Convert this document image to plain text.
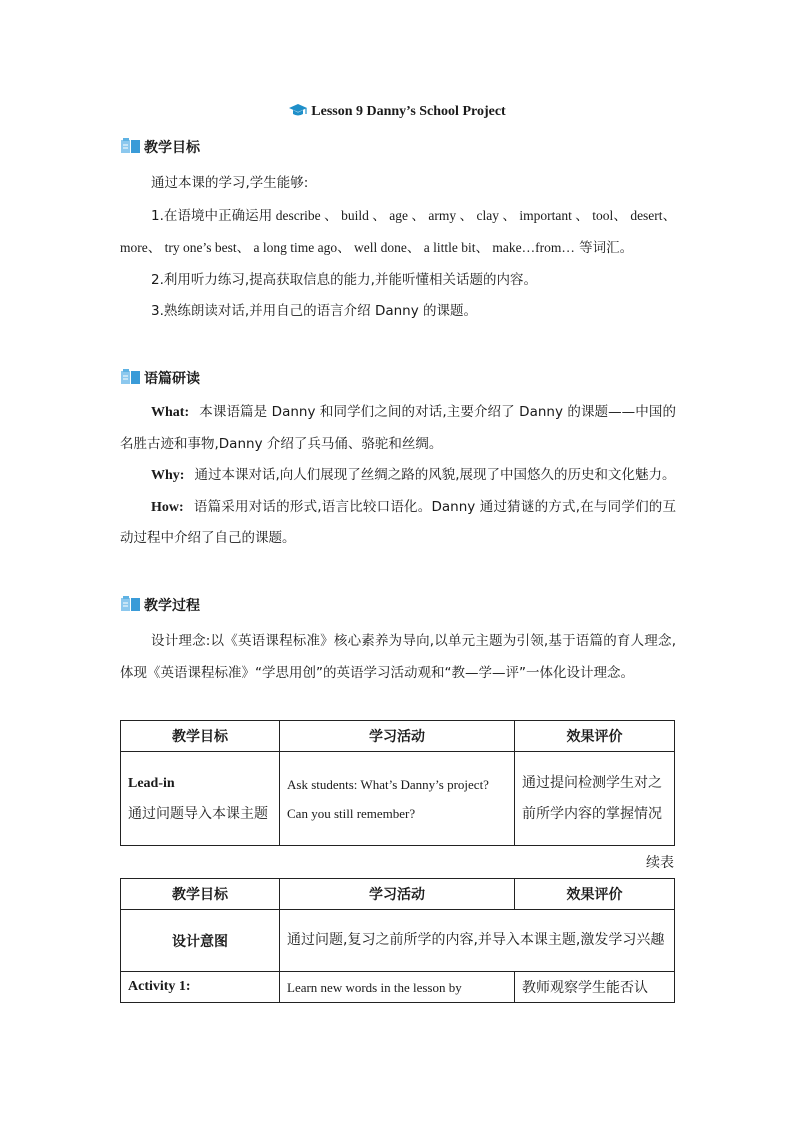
Lesson 9 Danny’s School Project
教学目标
通过本课的学习,学生能够:
1.在语境中正确运用 describe 、 build 、 age 、 army 、 clay 、 important 、 tool、 desert、 more、 try one’s best、 a long time ago、 well done、 a little bit、 make…from… 等词汇。
2.利用听力练习,提高获取信息的能力,并能听懂相关话题的内容。
3.熟练朗读对话,并用自己的语言介绍 Danny 的课题。
语篇研读
What: 本课语篇是 Danny 和同学们之间的对话,主要介绍了 Danny 的课题——中国的名胜古迹和事物,Danny 介绍了兵马俑、骆驼和丝绸。
Why: 通过本课对话,向人们展现了丝绸之路的风貌,展现了中国悠久的历史和文化魅力。
How: 语篇采用对话的形式,语言比较口语化。Danny 通过猜谜的方式,在与同学们的互动过程中介绍了自己的课题。
教学过程
设计理念:以《英语课程标准》核心素养为导向,以单元主题为引领,基于语篇的育人理念,体现《英语课程标准》“学思用创”的英语学习活动观和“教—学—评”一体化设计理念。
教学目标	学习活动	效果评价

Lead-in
通过问题导入本课主题	Ask students: What’s Danny’s project? Can you still remember?	通过提问检测学生对之前所学内容的掌握情况
续表
教学目标	学习活动	效果评价
设计意图	通过问题,复习之前所学的内容,并导入本课主题,激发学习兴趣	
Activity 1:	Learn new words in the lesson by	教师观察学生能否认
